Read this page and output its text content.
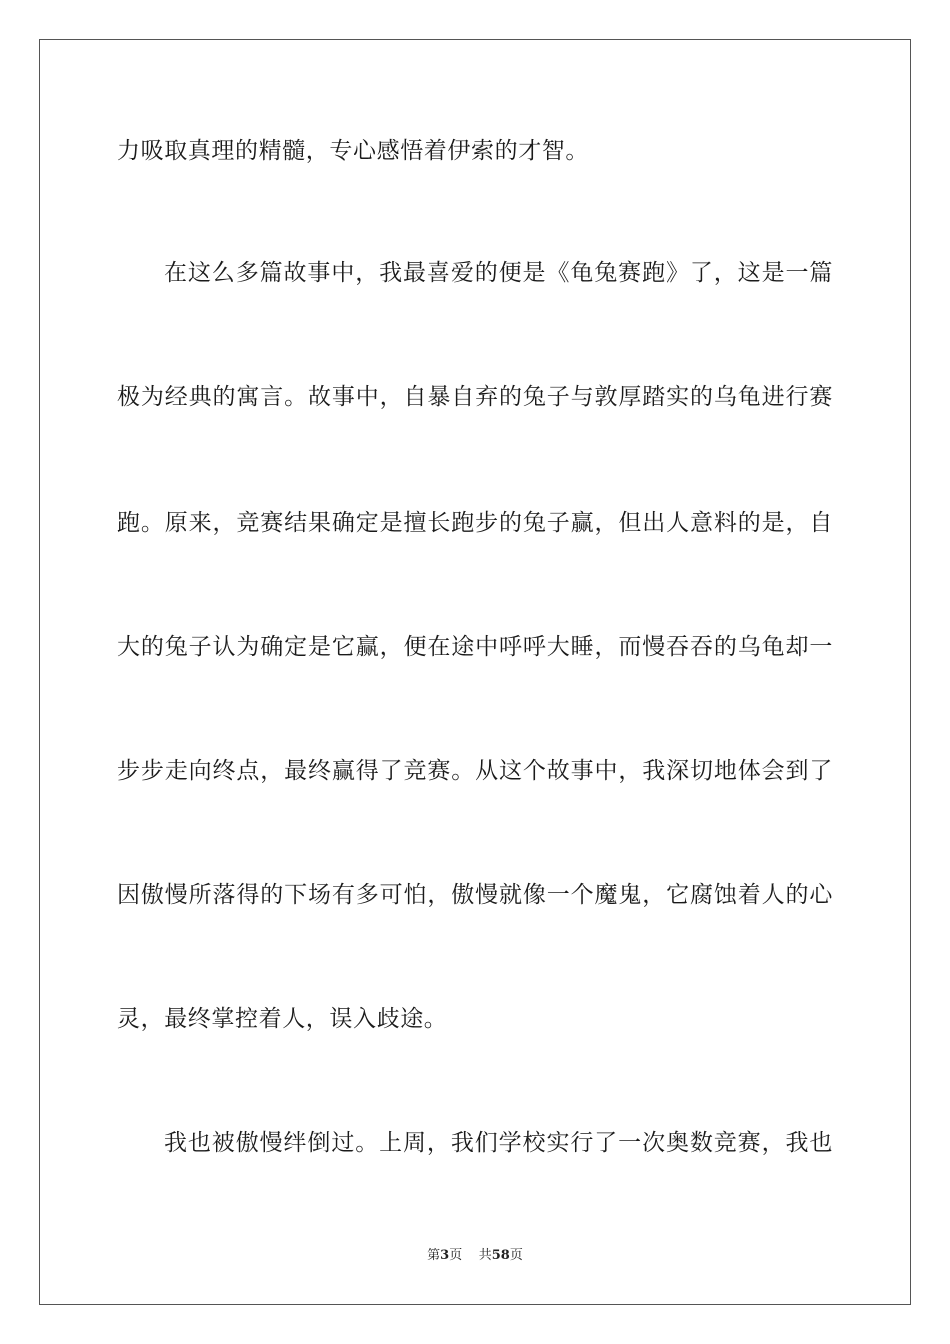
力吸取真理的精髓，专心感悟着伊索的才智。
在这么多篇故事中，我最喜爱的便是《龟兔赛跑》了，这是一篇
极为经典的寓言。故事中，自暴自弃的兔子与敦厚踏实的乌龟进行赛
跑。原来，竞赛结果确定是擅长跑步的兔子赢，但出人意料的是，自
大的兔子认为确定是它赢，便在途中呼呼大睡，而慢吞吞的乌龟却一
步步走向终点，最终赢得了竞赛。从这个故事中，我深切地体会到了
因傲慢所落得的下场有多可怕，傲慢就像一个魔鬼，它腐蚀着人的心
灵，最终掌控着人，误入歧途。
我也被傲慢绊倒过。上周，我们学校实行了一次奥数竞赛，我也
第3页 共58页
